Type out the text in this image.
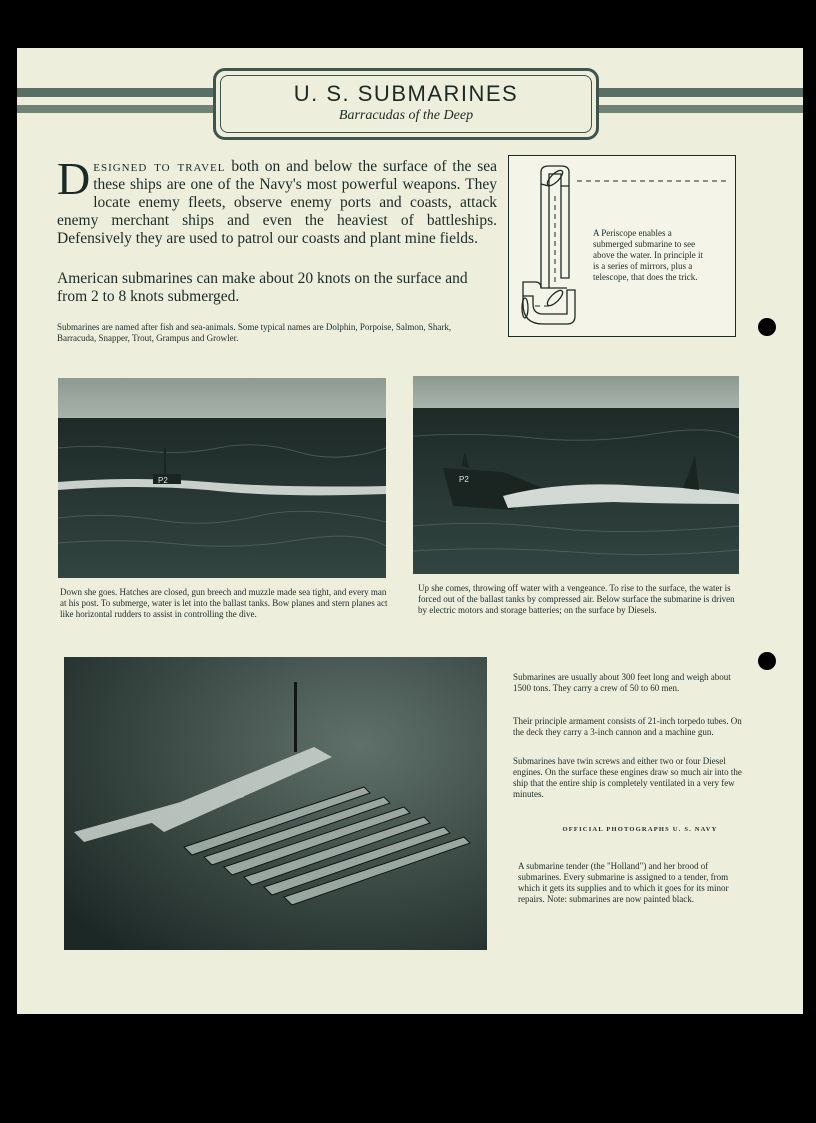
U. S. SUBMARINES
Barracudas of the Deep
Designed to travel both on and below the surface of the sea these ships are one of the Navy's most powerful weapons. They locate enemy fleets, observe enemy ports and coasts, attack enemy merchant ships and even the heaviest of battleships. Defensively they are used to patrol our coasts and plant mine fields.
American submarines can make about 20 knots on the surface and from 2 to 8 knots submerged.
Submarines are named after fish and sea-animals. Some typical names are Dolphin, Porpoise, Salmon, Shark, Barracuda, Snapper, Trout, Grampus and Growler.
A Periscope enables a submerged submarine to see above the water. In principle it is a series of mirrors, plus a telescope, that does the trick.
P2
Down she goes. Hatches are closed, gun breech and muzzle made sea tight, and every man at his post. To submerge, water is let into the ballast tanks. Bow planes and stern planes act like horizontal rudders to assist in controlling the dive.
P2
Up she comes, throwing off water with a vengeance. To rise to the surface, the water is forced out of the ballast tanks by compressed air. Below surface the submarine is driven by electric motors and storage batteries; on the surface by Diesels.
Submarines are usually about 300 feet long and weigh about 1500 tons. They carry a crew of 50 to 60 men.
Their principle armament consists of 21-inch torpedo tubes. On the deck they carry a 3-inch cannon and a machine gun.
Submarines have twin screws and either two or four Diesel engines. On the surface these engines draw so much air into the ship that the entire ship is completely ventilated in a very few minutes.
OFFICIAL PHOTOGRAPHS U. S. NAVY
A submarine tender (the "Holland") and her brood of submarines. Every submarine is assigned to a tender, from which it gets its supplies and to which it goes for its minor repairs. Note: submarines are now painted black.
